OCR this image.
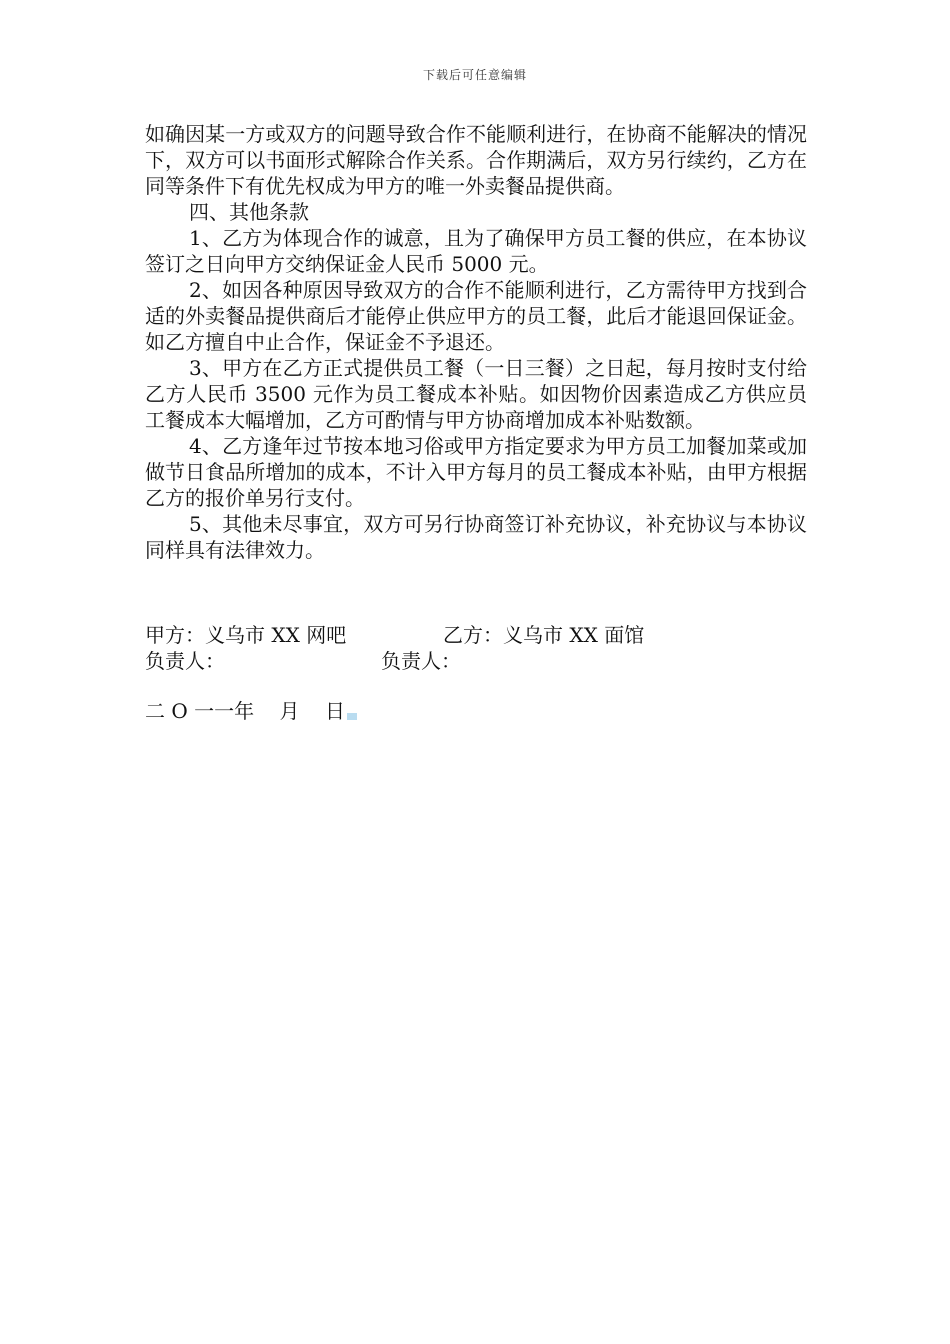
下载后可任意编辑

如确因某一方或双方的问题导致合作不能顺利进行，在协商不能解决的情况下，双方可以书面形式解除合作关系。合作期满后，双方另行续约，乙方在同等条件下有优先权成为甲方的唯一外卖餐品提供商。

四、其他条款

1、乙方为体现合作的诚意，且为了确保甲方员工餐的供应，在本协议签订之日向甲方交纳保证金人民币 5000 元。

2、如因各种原因导致双方的合作不能顺利进行，乙方需待甲方找到合适的外卖餐品提供商后才能停止供应甲方的员工餐，此后才能退回保证金。如乙方擅自中止合作，保证金不予退还。

3、甲方在乙方正式提供员工餐（一日三餐）之日起，每月按时支付给乙方人民币 3500 元作为员工餐成本补贴。如因物价因素造成乙方供应员工餐成本大幅增加，乙方可酌情与甲方协商增加成本补贴数额。

4、乙方逢年过节按本地习俗或甲方指定要求为甲方员工加餐加菜或加做节日食品所增加的成本，不计入甲方每月的员工餐成本补贴，由甲方根据乙方的报价单另行支付。

5、其他未尽事宜，双方可另行协商签订补充协议，补充协议与本协议同样具有法律效力。

甲方：义乌市 XX 网吧	乙方：义乌市 XX 面馆
负责人：	负责人：
二 O 一一年    月    日
